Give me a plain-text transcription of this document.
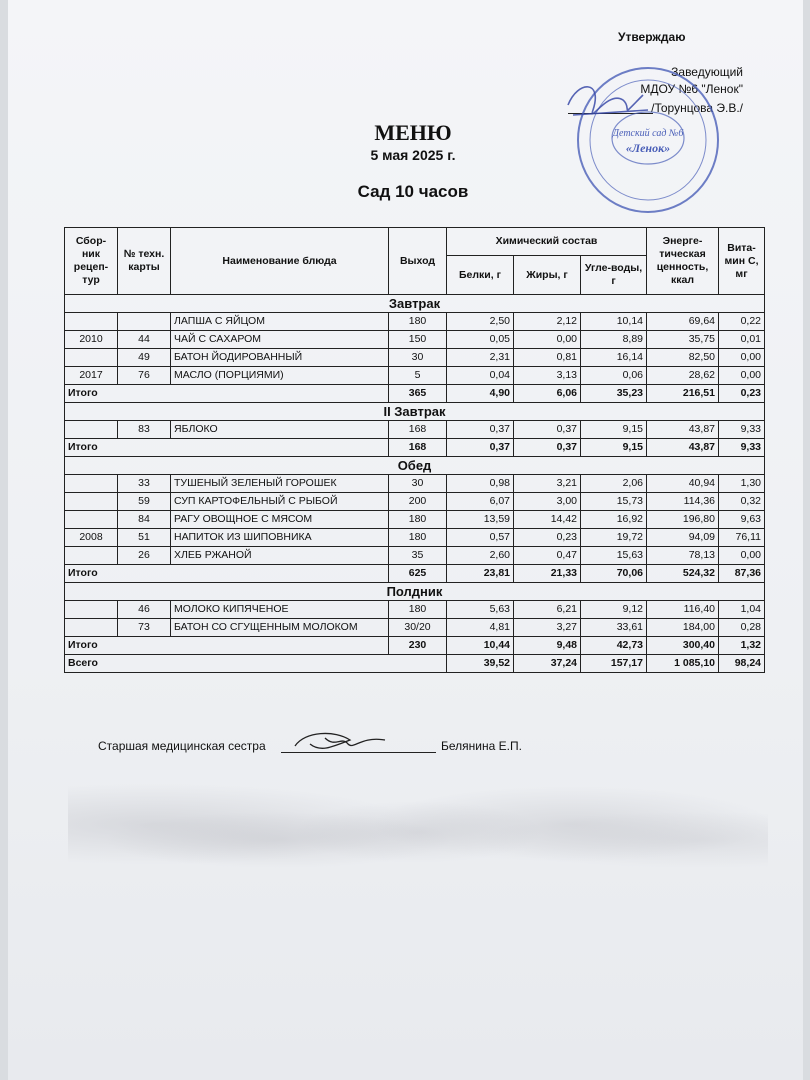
Утверждаю
Заведующий
МДОУ №6 "Ленок"
/Торунцова Э.В./
Детский сад №6
«Ленок»
МЕНЮ
5 мая 2025 г.
Сад 10 часов
Сбор-ник рецеп-тур	№ техн. карты	Наименование блюда	Выход	Химический состав			Энерге-тическая ценность, ккал	Вита-мин С, мг
				Белки, г	Жиры, г	Угле-воды, г		
Завтрак								
		ЛАПША С ЯЙЦОМ	180	2,50	2,12	10,14	69,64	0,22
2010	44	ЧАЙ С САХАРОМ	150	0,05	0,00	8,89	35,75	0,01
	49	БАТОН ЙОДИРОВАННЫЙ	30	2,31	0,81	16,14	82,50	0,00
2017	76	МАСЛО (ПОРЦИЯМИ)	5	0,04	3,13	0,06	28,62	0,00
Итого			365	4,90	6,06	35,23	216,51	0,23
II Завтрак								
	83	ЯБЛОКО	168	0,37	0,37	9,15	43,87	9,33
Итого			168	0,37	0,37	9,15	43,87	9,33
Обед								
	33	ТУШЕНЫЙ ЗЕЛЕНЫЙ ГОРОШЕК	30	0,98	3,21	2,06	40,94	1,30
	59	СУП КАРТОФЕЛЬНЫЙ С РЫБОЙ	200	6,07	3,00	15,73	114,36	0,32
	84	РАГУ ОВОЩНОЕ С МЯСОМ	180	13,59	14,42	16,92	196,80	9,63
2008	51	НАПИТОК ИЗ ШИПОВНИКА	180	0,57	0,23	19,72	94,09	76,11
	26	ХЛЕБ РЖАНОЙ	35	2,60	0,47	15,63	78,13	0,00
Итого			625	23,81	21,33	70,06	524,32	87,36
Полдник								
	46	МОЛОКО КИПЯЧЕНОЕ	180	5,63	6,21	9,12	116,40	1,04
	73	БАТОН СО СГУЩЕННЫМ МОЛОКОМ	30/20	4,81	3,27	33,61	184,00	0,28
Итого			230	10,44	9,48	42,73	300,40	1,32
Всего				39,52	37,24	157,17	1 085,10	98,24
Старшая медицинская сестра	Белянина Е.П.
